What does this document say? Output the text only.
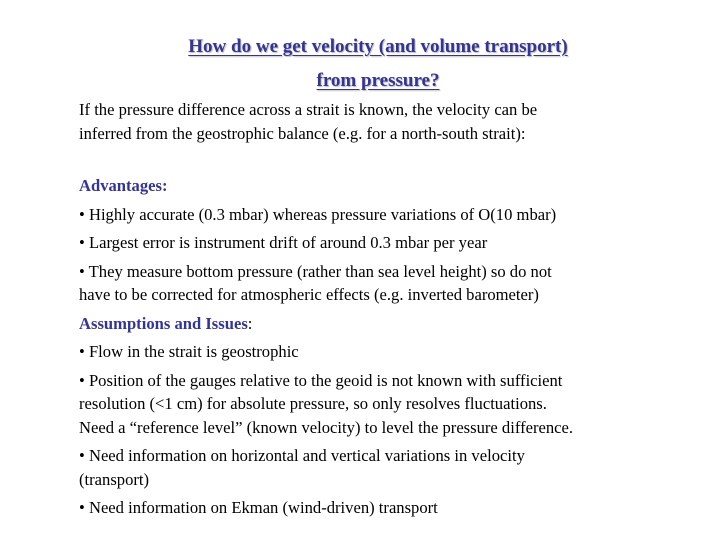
How do we get velocity (and volume transport)
from pressure?
If the pressure difference across a strait is known, the velocity can be
inferred from the geostrophic balance (e.g. for a north-south strait):
Advantages:
• Highly accurate (0.3 mbar) whereas pressure variations of O(10 mbar)
• Largest error is instrument drift of around 0.3 mbar per year
• They measure bottom pressure (rather than sea level height) so do not
have to be corrected for atmospheric effects (e.g. inverted barometer)
Assumptions and Issues:
• Flow in the strait is geostrophic
• Position of the gauges relative to the geoid is not known with sufficient
resolution (<1 cm) for absolute pressure, so only resolves fluctuations.
Need a “reference level” (known velocity) to level the pressure difference.
• Need information on horizontal and vertical variations in velocity
(transport)
• Need information on Ekman (wind-driven) transport
